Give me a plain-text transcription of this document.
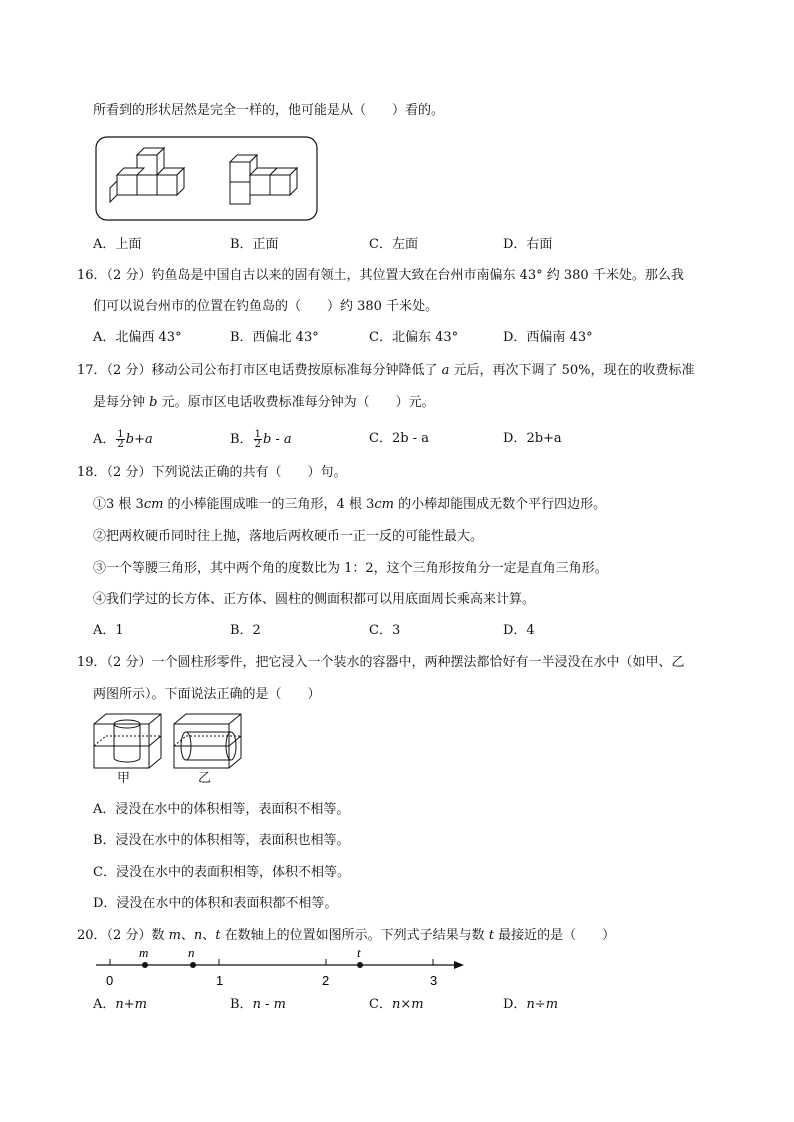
所看到的形状居然是完全一样的，他可能是从（　　）看的。
A．上面	B．正面	C．左面	D．右面
16．（2 分）钓鱼岛是中国自古以来的固有领土，其位置大致在台州市南偏东 43° 约 380 千米处。那么我
们可以说台州市的位置在钓鱼岛的（　　）约 380 千米处。
A．北偏西 43°	B．西偏北 43°	C．北偏东 43°	D．西偏南 43°
17．（2 分）移动公司公布打市区电话费按原标准每分钟降低了 a 元后，再次下调了 50%，现在的收费标准
是每分钟 b 元。原市区电话收费标准每分钟为（　　）元。
A． $\frac{1}{2} b+a$	B． $\frac{1}{2}$ b - a	C．2b - a	D．2b+a
18．（2 分）下列说法正确的共有（　　）句。
①3 根 3cm 的小棒能围成唯一的三角形，4 根 3cm 的小棒却能围成无数个平行四边形。
②把两枚硬币同时往上抛，落地后两枚硬币一正一反的可能性最大。
③一个等腰三角形，其中两个角的度数比为 1：2，这个三角形按角分一定是直角三角形。
④我们学过的长方体、正方体、圆柱的侧面积都可以用底面周长乘高来计算。
A．1	B．2	C．3	D．4
19．（2 分）一个圆柱形零件，把它浸入一个装水的容器中，两种摆法都恰好有一半浸没在水中（如甲、乙
两图所示）。下面说法正确的是（　　）
甲	乙
A．浸没在水中的体积相等，表面积不相等。
B．浸没在水中的体积相等，表面积也相等。
C．浸没在水中的表面积相等，体积不相等。
D．浸没在水中的体积和表面积都不相等。
20．（2 分）数 m、n、t 在数轴上的位置如图所示。下列式子结果与数 t 最接近的是（　　）
0	1	2	3
m	n	t
A．n+m	B．n - m	C．n×m	D．n÷m
